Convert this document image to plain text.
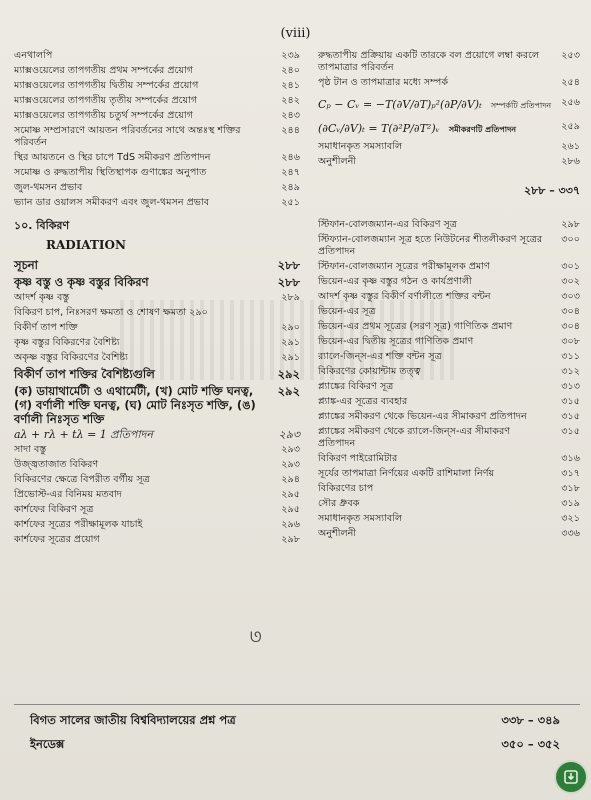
(viii)
এনথালপি	২৩৯
ম্যাক্সওয়েলের তাপগতীয় প্রথম সম্পর্কের প্রয়োগ	২৪০
ম্যাক্সওয়েলের তাপগতীয় দ্বিতীয় সম্পর্কের প্রয়োগ	২৪১
ম্যাক্সওয়েলের তাপগতীয় তৃতীয় সম্পর্কের প্রয়োগ	২৪২
ম্যাক্সওয়েলের তাপগতীয় চতুর্থ সম্পর্কের প্রয়োগ	২৪৩
সমোষ্ণ সম্প্রসারণে আয়তন পরিবর্তনের সাথে অন্তঃস্থ শক্তির পরিবর্তন
২৪৪
স্থির আয়তনে ও স্থির চাপে TdS সমীকরণ প্রতিপাদন	২৪৬
সমোষ্ণ ও রুদ্ধতাপীয় স্থিতিস্থাপক গুণাঙ্কের অনুপাত	২৪৭
জুল-থমসন প্রভাব	২৪৯
ভ্যান ডার ওয়ালস সমীকরণ এবং জুল-থমসন প্রভাব	২৫১
১০. বিকিরণ
RADIATION
সূচনা	২৮৮
কৃষ্ণ বস্তু ও কৃষ্ণ বস্তুর বিকিরণ	২৮৮
আদর্শ কৃষ্ণ বস্তু	২৮৯
বিকিরণ চাপ, নিঃসরণ ক্ষমতা ও শোষণ ক্ষমতা ২৯০
বিকীর্ণ তাপ শক্তি	২৯০
কৃষ্ণ বস্তুর বিকিরণের বৈশিষ্ট্য	২৯১
অকৃষ্ণ বস্তুর বিকিরণের বৈশিষ্ট্য	২৯১
বিকীর্ণ তাপ শক্তির বৈশিষ্ট্যগুলি	২৯২
(ক) ডায়াথার্মেটী ও এথার্মেটী, (খ) মোট শক্তি ঘনত্ব, (গ) বর্ণালী শক্তি ঘনত্ব, (ঘ) মোট নিঃসৃত শক্তি, (ঙ) বর্ণালী নিঃসৃত শক্তি
২৯২
aλ + rλ + tλ = 1 প্রতিপাদন	২৯৩
সাদা বস্তু	২৯৩
উজ্জ্বতাজাত বিকিরণ	২৯৩
বিকিরণের ক্ষেত্রে বিপরীত বর্গীয় সূত্র	২৯৪
প্রিভোস্ট-এর বিনিময় মতবাদ	২৯৫
কার্শফের বিকিরণ সূত্র	২৯৫
কার্শফের সূত্রের পরীক্ষামূলক যাচাই	২৯৬
কার্শফের সূত্রের প্রয়োগ	২৯৮
রুদ্ধতাপীয় প্রক্রিয়ায় একটি তারকে বল প্রয়োগে লম্বা করলে তাপমাত্রার পরিবর্তন
২৫৩
পৃষ্ঠ টান ও তাপমাত্রার মধ্যে সম্পর্ক	২৫৪
Cₚ − Cᵥ = −T(∂V/∂T)ₚ²(∂P/∂V)ₜ সম্পর্কটি প্রতিপাদন ২৫৬
(∂Cᵥ/∂V)ₜ = T(∂²P/∂T²)ᵥ সমীকরণটি প্রতিপাদন	২৫৯
সমাধানকৃত সমস্যাবলি	২৬১
অনুশীলনী	২৮৬
২৮৮ – ৩৩৭
স্টিফান-বোলজম্যান-এর বিকিরণ সূত্র	২৯৮
স্টিফ্যান-বোলজম্যান সূত্র হতে নিউটনের শীতলীকরণ সূত্রের প্রতিপাদন
৩০০
স্টিফান-বোলজম্যান সূত্রের পরীক্ষামূলক প্রমাণ	৩০১
ভিয়েন-এর কৃষ্ণ বস্তুর গঠন ও কার্যপ্রণালী	৩০২
আদর্শ কৃষ্ণ বস্তুর বিকীর্ণ বর্ণালীতে শক্তির বন্টন	৩০৩
ভিয়েন-এর সূত্র	৩০৪
ভিয়েন-এর প্রথম সূত্রের (সরণ সূত্র) গাণিতিক প্রমাণ	৩০৪
ভিয়েন-এর দ্বিতীয় সূত্রের গাণিতিক প্রমাণ	৩০৮
র‍্যালে-জিন্‌স-এর শক্তি বন্টন সূত্র	৩১১
বিকিরণের কোয়ান্টাম তত্ত্ব	৩১২
প্ল্যাঙ্কের বিকিরণ সূত্র	৩১৩
প্ল্যাঙ্ক-এর সূত্রের ব্যবহার	৩১৫
প্ল্যাঙ্কের সমীকরণ থেকে ভিয়েন-এর সীমাকরণ প্রতিপাদন	৩১৫
প্ল্যাঙ্কের সমীকরণ থেকে র‍্যালে-জিন্‌স-এর সীমাকরণ প্রতিপাদন
৩১৫
বিকিরণ পাইরোমিটার	৩১৬
সূর্যের তাপমাত্রা নির্ণয়ের একটি রাশিমালা নির্ণয়	৩১৭
বিকিরণের চাপ	৩১৮
সৌর ধ্রুবক	৩১৯
সমাধানকৃত সমস্যাবলি	৩২১
অনুশীলনী	৩৩৬
বিগত সালের জাতীয় বিশ্ববিদ্যালয়ের প্রশ্ন পত্র	৩৩৮ – ৩৪৯
ইনডেক্স	৩৫০ – ৩৫২
ᘎ
